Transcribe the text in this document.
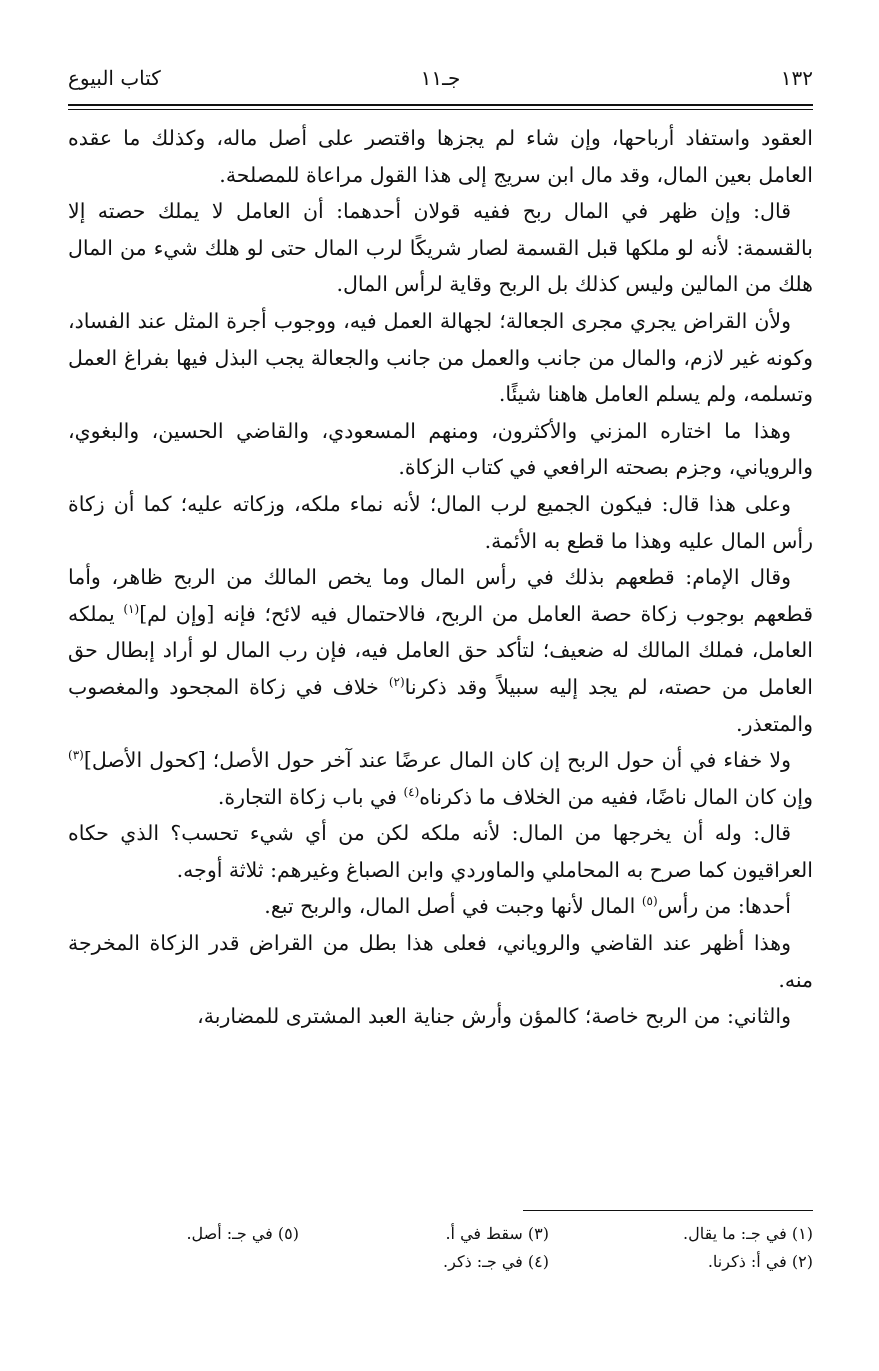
١٣٢
جـ١١
كتاب البيوع

العقود واستفاد أرباحها، وإن شاء لم يجزها واقتصر على أصل ماله، وكذلك ما عقده العامل بعين المال، وقد مال ابن سريج إلى هذا القول مراعاة للمصلحة.

قال: وإن ظهر في المال ربح ففيه قولان أحدهما: أن العامل لا يملك حصته إلا بالقسمة: لأنه لو ملكها قبل القسمة لصار شريكًا لرب المال حتى لو هلك شيء من المال هلك من المالين وليس كذلك بل الربح وقاية لرأس المال.

ولأن القراض يجري مجرى الجعالة؛ لجهالة العمل فيه، ووجوب أجرة المثل عند الفساد، وكونه غير لازم، والمال من جانب والعمل من جانب والجعالة يجب البذل فيها بفراغ العمل وتسلمه، ولم يسلم العامل هاهنا شيئًا.

وهذا ما اختاره المزني والأكثرون، ومنهم المسعودي، والقاضي الحسين، والبغوي، والروياني، وجزم بصحته الرافعي في كتاب الزكاة.

وعلى هذا قال: فيكون الجميع لرب المال؛ لأنه نماء ملكه، وزكاته عليه؛ كما أن زكاة رأس المال عليه وهذا ما قطع به الأئمة.

وقال الإمام: قطعهم بذلك في رأس المال وما يخص المالك من الربح ظاهر، وأما قطعهم بوجوب زكاة حصة العامل من الربح، فالاحتمال فيه لائح؛ فإنه [وإن لم]$^{(١)}$ يملكه العامل، فملك المالك له ضعيف؛ لتأكد حق العامل فيه، فإن رب المال لو أراد إبطال حق العامل من حصته، لم يجد إليه سبيلاً وقد ذكرنا$^{(٢)}$ خلاف في زكاة المجحود والمغصوب والمتعذر.

ولا خفاء في أن حول الربح إن كان المال عرضًا عند آخر حول الأصل؛ [كحول الأصل]$^{(٣)}$ وإن كان المال ناضًا، ففيه من الخلاف ما ذكرناه$^{(٤)}$ في باب زكاة التجارة.

قال: وله أن يخرجها من المال: لأنه ملكه لكن من أي شيء تحسب؟ الذي حكاه العراقيون كما صرح به المحاملي والماوردي وابن الصباغ وغيرهم: ثلاثة أوجه.

أحدها: من رأس$^{(٥)}$ المال لأنها وجبت في أصل المال، والربح تبع.

وهذا أظهر عند القاضي والروياني، فعلى هذا بطل من القراض قدر الزكاة المخرجة منه.

والثاني: من الربح خاصة؛ كالمؤن وأرش جناية العبد المشترى للمضاربة،

(١) في جـ: ما يقال.
(٣) سقط في أ.
(٥) في جـ: أصل.
(٢) في أ: ذكرنا.
(٤) في جـ: ذكر.
